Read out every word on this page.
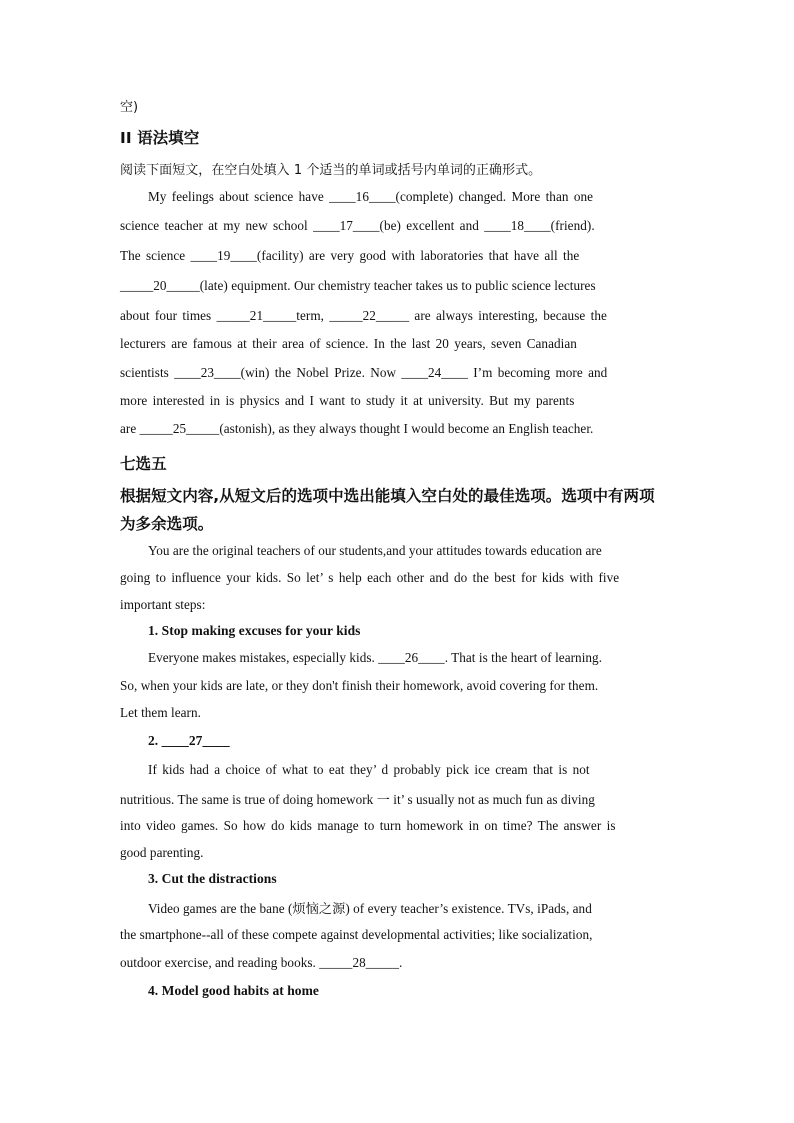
空)
II 语法填空
阅读下面短文，在空白处填入 1 个适当的单词或括号内单词的正确形式。
My feelings about science have ____16____(complete) changed. More than one
science teacher at my new school ____17____(be) excellent and ____18____(friend).
The science ____19____(facility) are very good with laboratories that have all the
_____20_____(late) equipment. Our chemistry teacher takes us to public science lectures
about four times _____21_____term, _____22_____ are always interesting, because the
lecturers are famous at their area of science. In the last 20 years, seven Canadian
scientists ____23____(win) the Nobel Prize. Now ____24____ I’m becoming more and
more interested in is physics and I want to study it at university. But my parents
are _____25_____(astonish), as they always thought I would become an English teacher.
七选五
根据短文内容,从短文后的选项中选出能填入空白处的最佳选项。选项中有两项
为多余选项。
You are the original teachers of our students,and your attitudes towards education are
going to influence your kids. So let’ s help each other and do the best for kids with five
important steps:
1. Stop making excuses for your kids
Everyone makes mistakes, especially kids. ____26____. That is the heart of learning.
So, when your kids are late, or they don't finish their homework, avoid covering for them.
Let them learn.
2. ____27____
If kids had a choice of what to eat they’ d probably pick ice cream that is not
nutritious. The same is true of doing homework 一 it’ s usually not as much fun as diving
into video games. So how do kids manage to turn homework in on time? The answer is
good parenting.
3. Cut the distractions
Video games are the bane (烦恼之源) of every teacher’s existence. TVs, iPads, and
the smartphone--all of these compete against developmental activities; like socialization,
outdoor exercise, and reading books. _____28_____.
4. Model good habits at home
